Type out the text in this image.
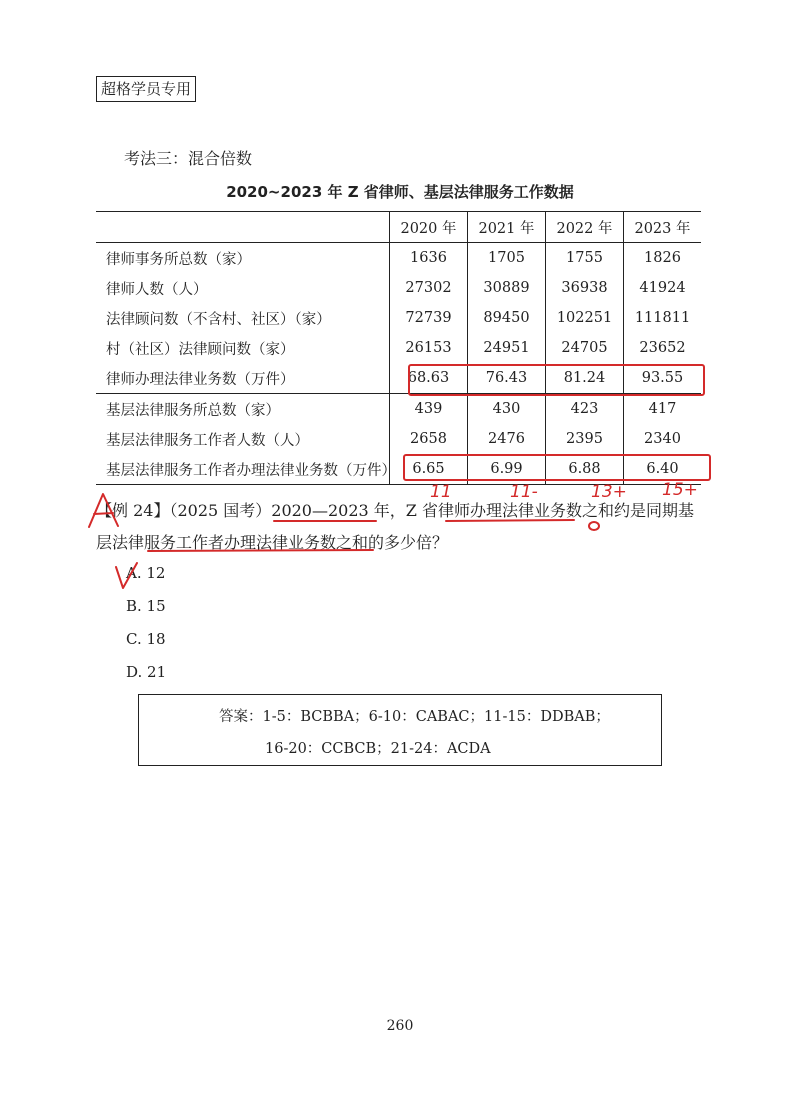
超格学员专用
考法三：混合倍数
2020~2023 年 Z 省律师、基层法律服务工作数据
	2020 年	2021 年	2022 年	2023 年
律师事务所总数（家）	1636	1705	1755	1826
律师人数（人）	27302	30889	36938	41924
法律顾问数（不含村、社区）（家）	72739	89450	102251	111811
村（社区）法律顾问数（家）	26153	24951	24705	23652
律师办理法律业务数（万件）	68.63	76.43	81.24	93.55
基层法律服务所总数（家）	439	430	423	417
基层法律服务工作者人数（人）	2658	2476	2395	2340
基层法律服务工作者办理法律业务数（万件）	6.65	6.99	6.88	6.40
【例 24】（2025 国考）2020—2023 年，Z 省律师办理法律业务数之和约是同期基层法律服务工作者办理法律业务数之和的多少倍？
A. 12
B. 15
C. 18
D. 21
答案：1-5：BCBBA；6-10：CABAC；11-15：DDBAB；
16-20：CCBCB；21-24：ACDA
260
11	11-	13+ 15+
